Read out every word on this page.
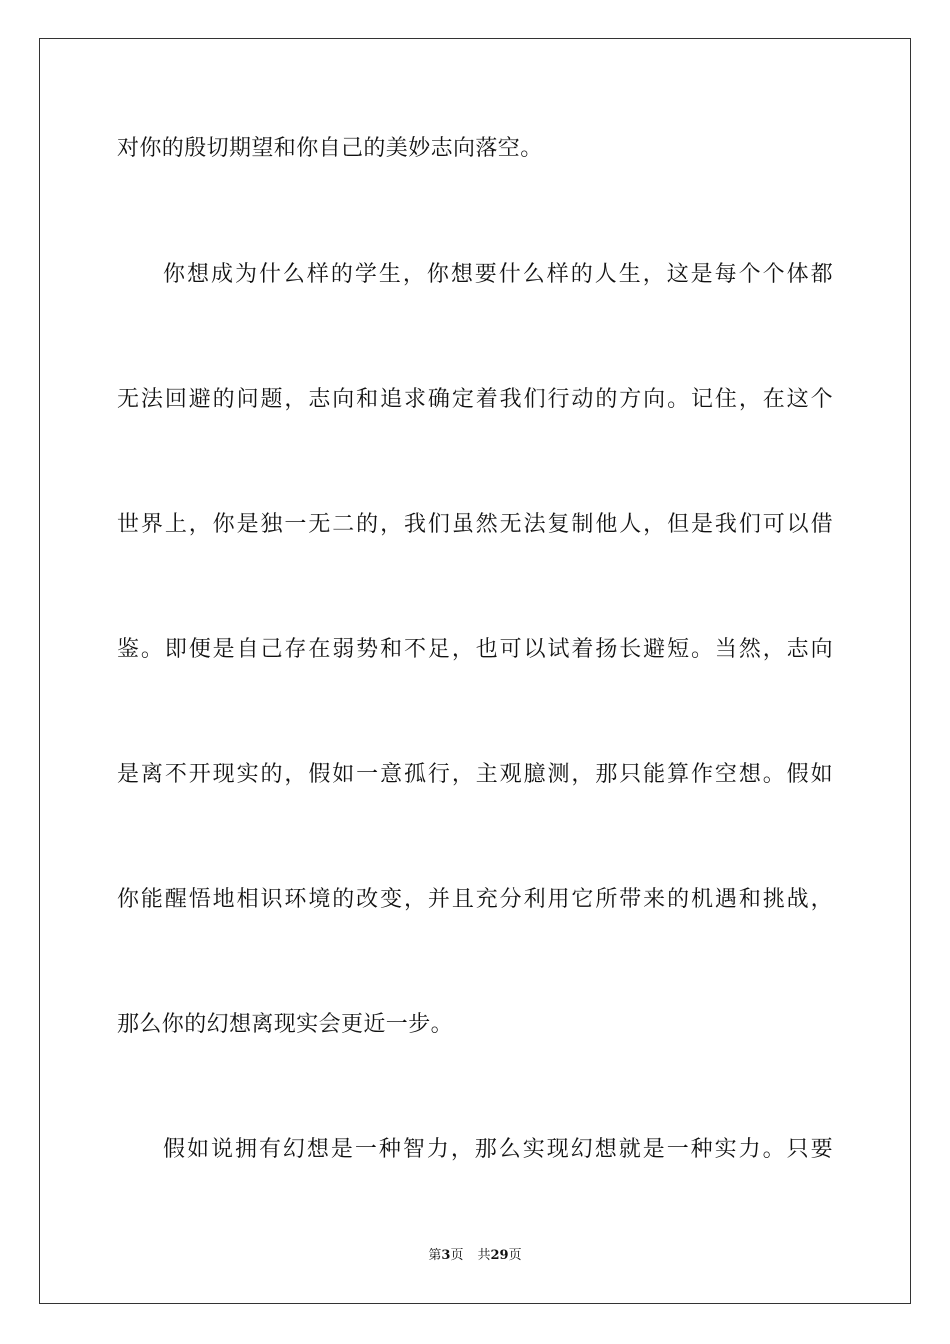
对你的殷切期望和你自己的美妙志向落空。
你想成为什么样的学生，你想要什么样的人生，这是每个个体都
无法回避的问题，志向和追求确定着我们行动的方向。记住，在这个
世界上，你是独一无二的，我们虽然无法复制他人，但是我们可以借
鉴。即便是自己存在弱势和不足，也可以试着扬长避短。当然，志向
是离不开现实的，假如一意孤行，主观臆测，那只能算作空想。假如
你能醒悟地相识环境的改变，并且充分利用它所带来的机遇和挑战，
那么你的幻想离现实会更近一步。
假如说拥有幻想是一种智力，那么实现幻想就是一种实力。只要
第3页 共29页
